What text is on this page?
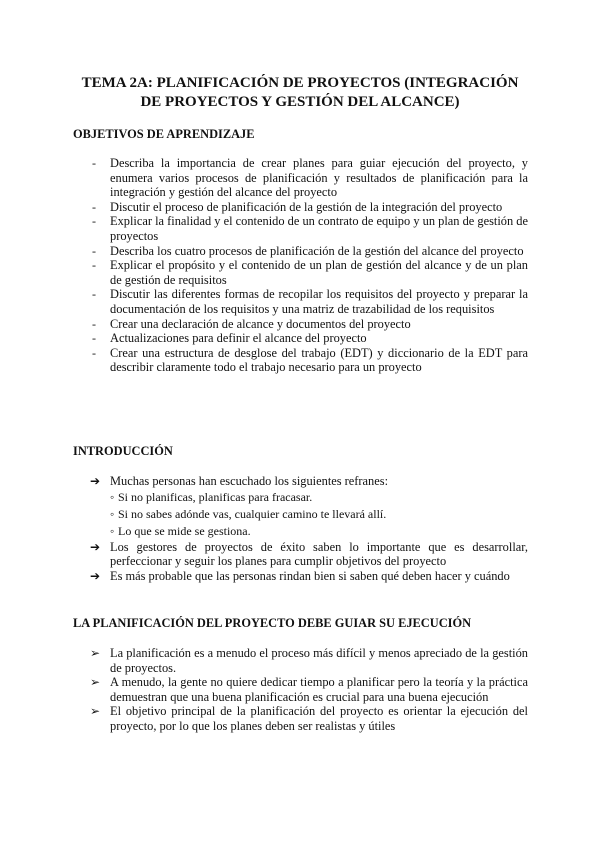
TEMA 2A: PLANIFICACIÓN DE PROYECTOS (INTEGRACIÓN
DE PROYECTOS Y GESTIÓN DEL ALCANCE)
OBJETIVOS DE APRENDIZAJE
- Describa la importancia de crear planes para guiar ejecución del proyecto, y enumera varios procesos de planificación y resultados de planificación para la integración y gestión del alcance del proyecto
- Discutir el proceso de planificación de la gestión de la integración del proyecto
- Explicar la finalidad y el contenido de un contrato de equipo y un plan de gestión de proyectos
- Describa los cuatro procesos de planificación de la gestión del alcance del proyecto
- Explicar el propósito y el contenido de un plan de gestión del alcance y de un plan de gestión de requisitos
- Discutir las diferentes formas de recopilar los requisitos del proyecto y preparar la documentación de los requisitos y una matriz de trazabilidad de los requisitos
- Crear una declaración de alcance y documentos del proyecto
- Actualizaciones para definir el alcance del proyecto
- Crear una estructura de desglose del trabajo (EDT) y diccionario de la EDT para describir claramente todo el trabajo necesario para un proyecto
INTRODUCCIÓN
➔ Muchas personas han escuchado los siguientes refranes:
◦ Si no planificas, planificas para fracasar.
◦ Si no sabes adónde vas, cualquier camino te llevará allí.
◦ Lo que se mide se gestiona.
➔ Los gestores de proyectos de éxito saben lo importante que es desarrollar, perfeccionar y seguir los planes para cumplir objetivos del proyecto
➔ Es más probable que las personas rindan bien si saben qué deben hacer y cuándo
LA PLANIFICACIÓN DEL PROYECTO DEBE GUIAR SU EJECUCIÓN
➢ La planificación es a menudo el proceso más difícil y menos apreciado de la gestión de proyectos.
➢ A menudo, la gente no quiere dedicar tiempo a planificar pero la teoría y la práctica demuestran que una buena planificación es crucial para una buena ejecución
➢ El objetivo principal de la planificación del proyecto es orientar la ejecución del proyecto, por lo que los planes deben ser realistas y útiles
